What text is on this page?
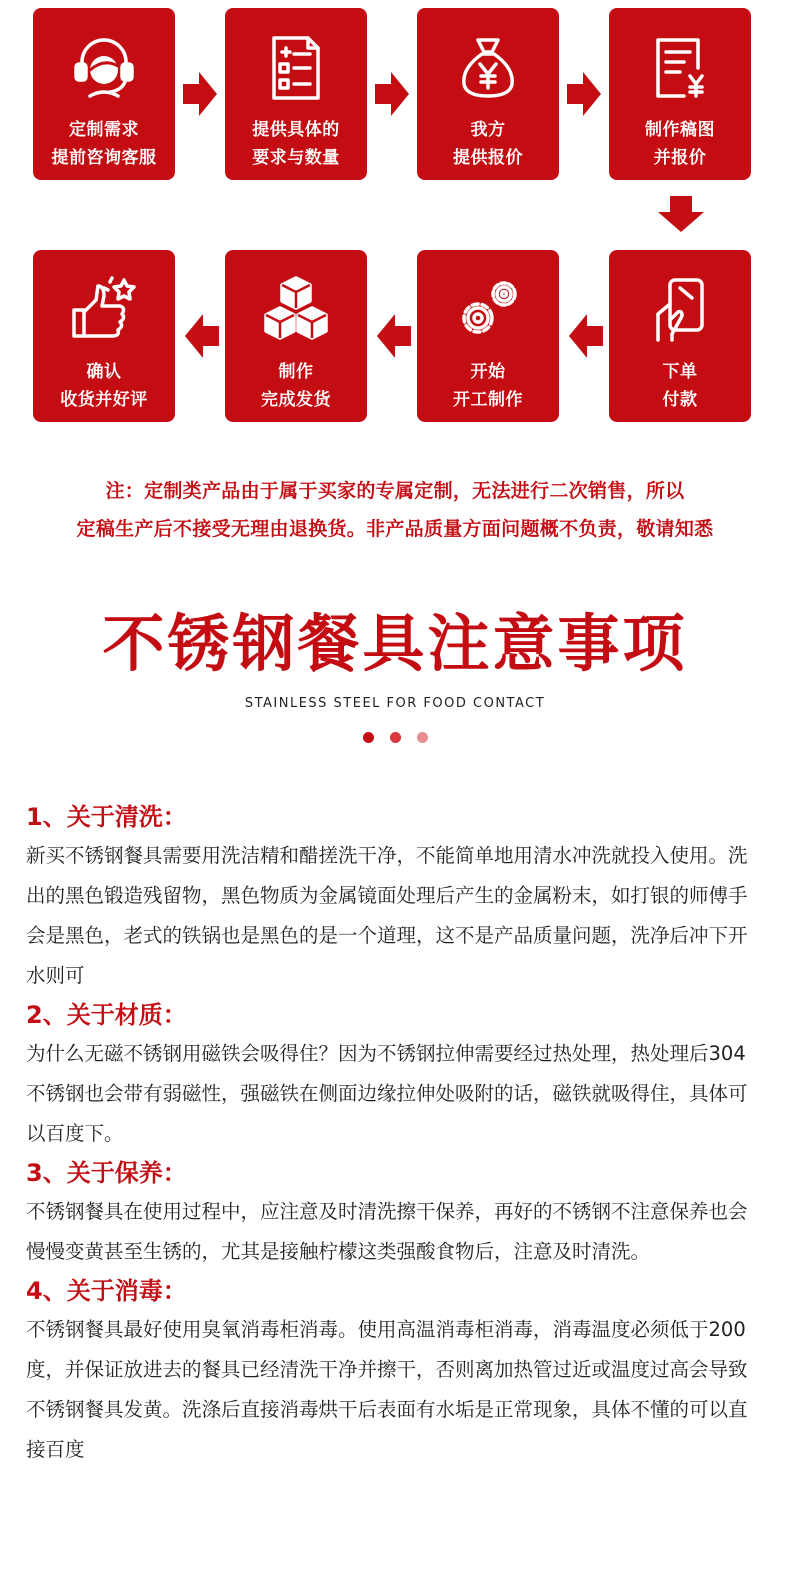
定制需求
提前咨询客服
提供具体的
要求与数量
我方
提供报价
制作稿图
并报价
下单
付款
开始
开工制作
制作
完成发货
确认
收货并好评
注：定制类产品由于属于买家的专属定制，无法进行二次销售，所以
定稿生产后不接受无理由退换货。非产品质量方面问题概不负责，敬请知悉
不锈钢餐具注意事项
STAINLESS STEEL FOR FOOD CONTACT

1、关于清洗：

新买不锈钢餐具需要用洗洁精和醋搓洗干净，不能简单地用清水冲洗就投入使用。洗出的黑色锻造残留物，黑色物质为金属镜面处理后产生的金属粉末，如打银的师傅手会是黑色，老式的铁锅也是黑色的是一个道理，这不是产品质量问题，洗净后冲下开水则可

2、关于材质：

为什么无磁不锈钢用磁铁会吸得住？因为不锈钢拉伸需要经过热处理，热处理后304不锈钢也会带有弱磁性，强磁铁在侧面边缘拉伸处吸附的话，磁铁就吸得住，具体可以百度下。

3、关于保养：

不锈钢餐具在使用过程中，应注意及时清洗擦干保养，再好的不锈钢不注意保养也会慢慢变黄甚至生锈的，尤其是接触柠檬这类强酸食物后，注意及时清洗。

4、关于消毒：

不锈钢餐具最好使用臭氧消毒柜消毒。使用高温消毒柜消毒，消毒温度必须低于200度，并保证放进去的餐具已经清洗干净并擦干，否则离加热管过近或温度过高会导致不锈钢餐具发黄。洗涤后直接消毒烘干后表面有水垢是正常现象，具体不懂的可以直接百度
